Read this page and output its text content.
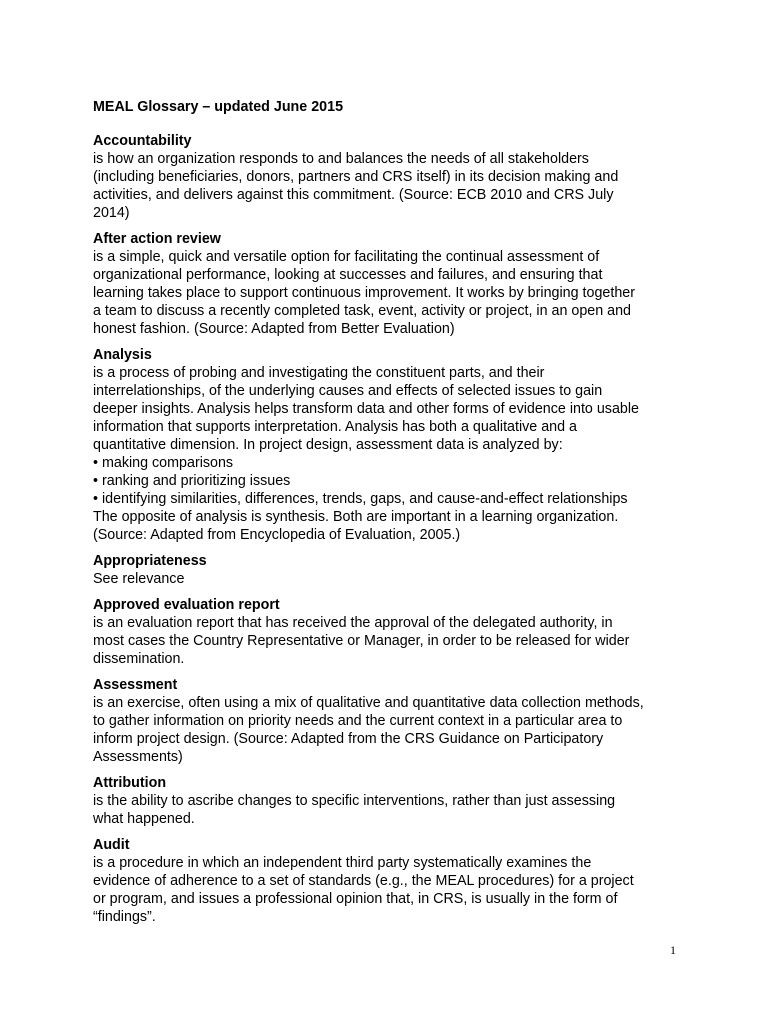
MEAL Glossary – updated June 2015

Accountability

is how an organization responds to and balances the needs of all stakeholders
(including beneficiaries, donors, partners and CRS itself) in its decision making and
activities, and delivers against this commitment. (Source: ECB 2010 and CRS July
2014)

After action review

is a simple, quick and versatile option for facilitating the continual assessment of
organizational performance, looking at successes and failures, and ensuring that
learning takes place to support continuous improvement. It works by bringing together
a team to discuss a recently completed task, event, activity or project, in an open and
honest fashion. (Source: Adapted from Better Evaluation)

Analysis

is a process of probing and investigating the constituent parts, and their
interrelationships, of the underlying causes and effects of selected issues to gain
deeper insights. Analysis helps transform data and other forms of evidence into usable
information that supports interpretation. Analysis has both a qualitative and a
quantitative dimension. In project design, assessment data is analyzed by:
• making comparisons
• ranking and prioritizing issues
• identifying similarities, differences, trends, gaps, and cause-and-effect relationships
The opposite of analysis is synthesis. Both are important in a learning organization.
(Source: Adapted from Encyclopedia of Evaluation, 2005.)

Appropriateness

See relevance

Approved evaluation report

is an evaluation report that has received the approval of the delegated authority, in
most cases the Country Representative or Manager, in order to be released for wider
dissemination.

Assessment

is an exercise, often using a mix of qualitative and quantitative data collection methods,
to gather information on priority needs and the current context in a particular area to
inform project design. (Source: Adapted from the CRS Guidance on Participatory
Assessments)

Attribution

is the ability to ascribe changes to specific interventions, rather than just assessing
what happened.

Audit

is a procedure in which an independent third party systematically examines the
evidence of adherence to a set of standards (e.g., the MEAL procedures) for a project
or program, and issues a professional opinion that, in CRS, is usually in the form of
“findings”.

1
